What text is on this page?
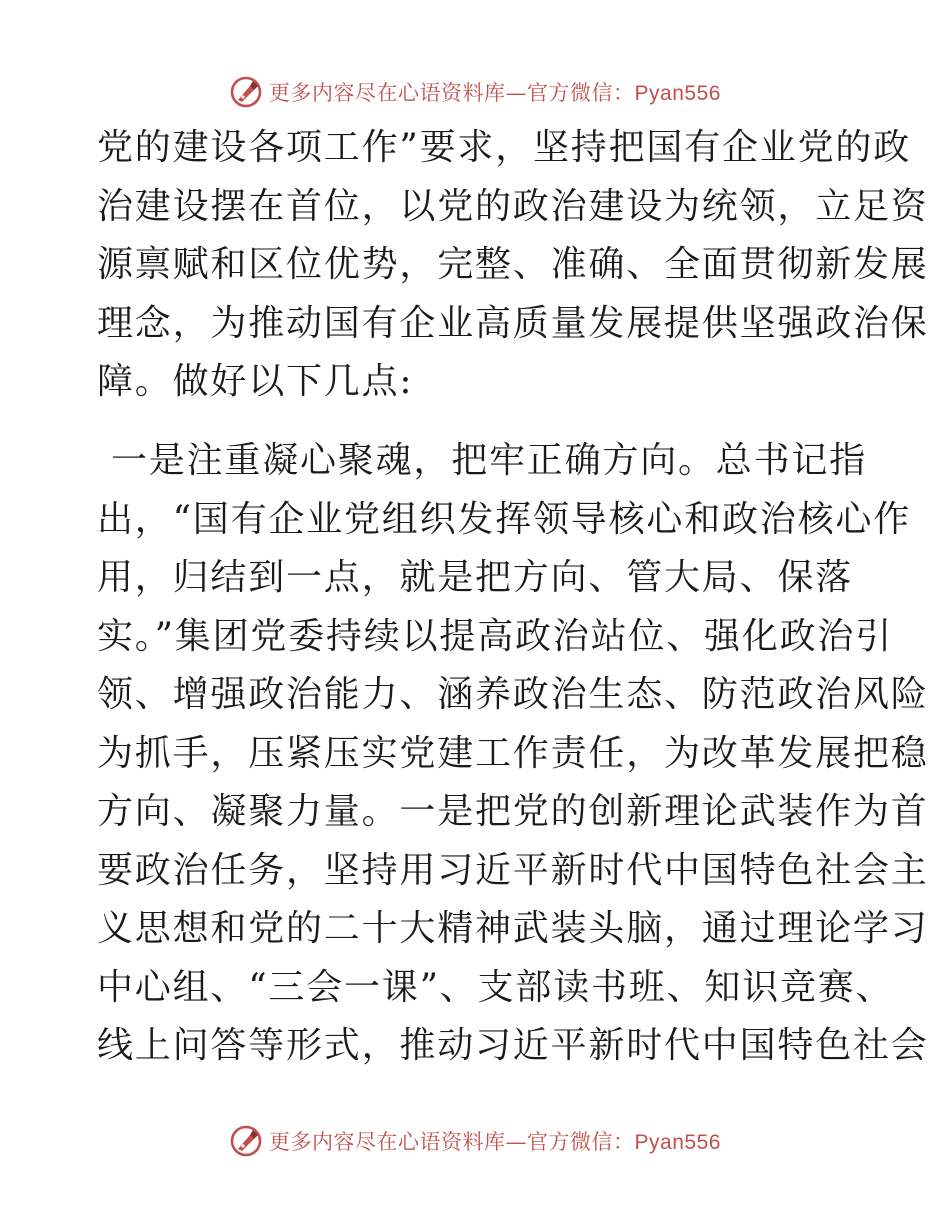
更多内容尽在心语资料库—官方微信：Pyan556
党的建设各项工作”要求，坚持把国有企业党的政
治建设摆在首位，以党的政治建设为统领，立足资
源禀赋和区位优势，完整、准确、全面贯彻新发展
理念，为推动国有企业高质量发展提供坚强政治保
障。做好以下几点:
一是注重凝心聚魂，把牢正确方向。总书记指
出，“国有企业党组织发挥领导核心和政治核心作
用，归结到一点，就是把方向、管大局、保落
实。”集团党委持续以提高政治站位、强化政治引
领、增强政治能力、涵养政治生态、防范政治风险
为抓手，压紧压实党建工作责任，为改革发展把稳
方向、凝聚力量。一是把党的创新理论武装作为首
要政治任务，坚持用习近平新时代中国特色社会主
义思想和党的二十大精神武装头脑，通过理论学习
中心组、“三会一课”、支部读书班、知识竞赛、
线上问答等形式，推动习近平新时代中国特色社会
更多内容尽在心语资料库—官方微信：Pyan556
